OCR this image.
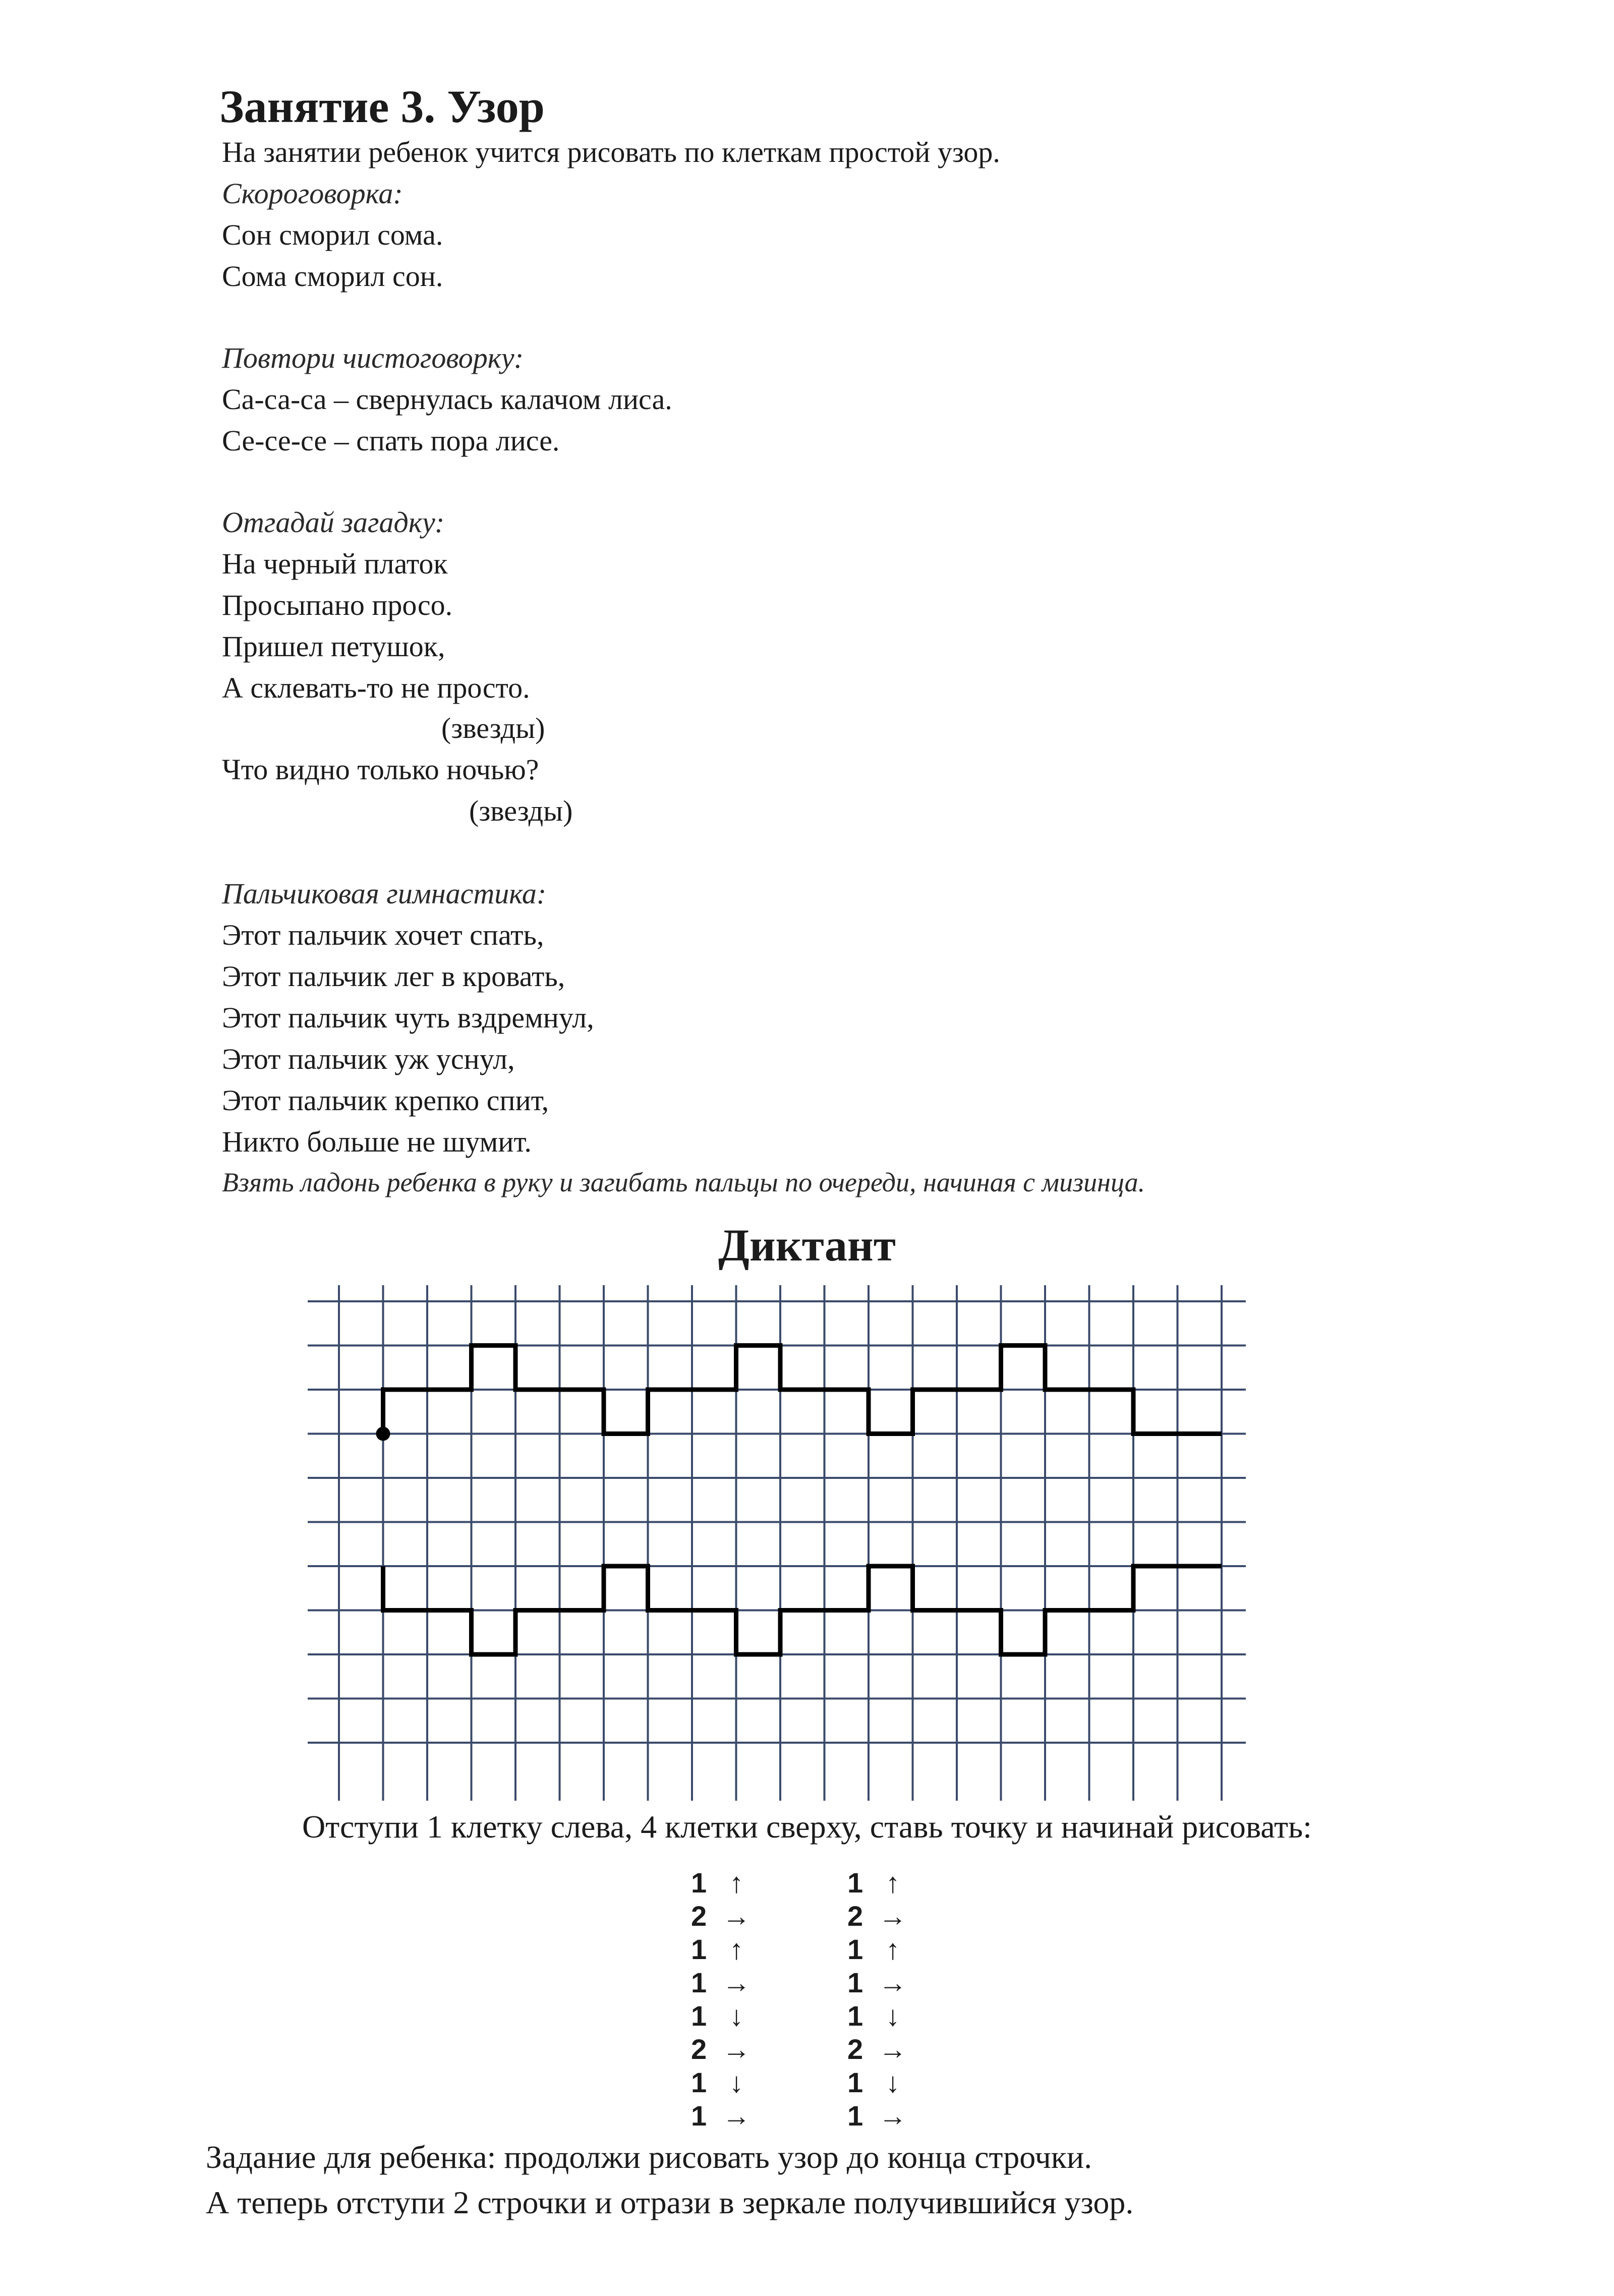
Занятие 3. Узор
На занятии ребенок учится рисовать по клеткам простой узор.
Скороговорка:
Сон сморил сома.
Сома сморил сон.
Повтори чистоговорку:
Са-са-са – свернулась калачом лиса.
Се-се-се – спать пора лисе.
Отгадай загадку:
На черный платок
Просыпано просо.
Пришел петушок,
А склевать-то не просто.
(звезды)
Что видно только ночью?
(звезды)
Пальчиковая гимнастика:
Этот пальчик хочет спать,
Этот пальчик лег в кровать,
Этот пальчик чуть вздремнул,
Этот пальчик уж уснул,
Этот пальчик крепко спит,
Никто больше не шумит.
Взять ладонь ребенка в руку и загибать пальцы по очереди, начиная с мизинца.
Диктант
Отступи 1 клетку слева, 4 клетки сверху, ставь точку и начинай рисовать:
1 ↑
2 →
1 ↑
1 →
1 ↓
2 →
1 ↓
1 →
1 ↑
2 →
1 ↑
1 →
1 ↓
2 →
1 ↓
1 →
Задание для ребенка: продолжи рисовать узор до конца строчки.
А теперь отступи 2 строчки и отрази в зеркале получившийся узор.
